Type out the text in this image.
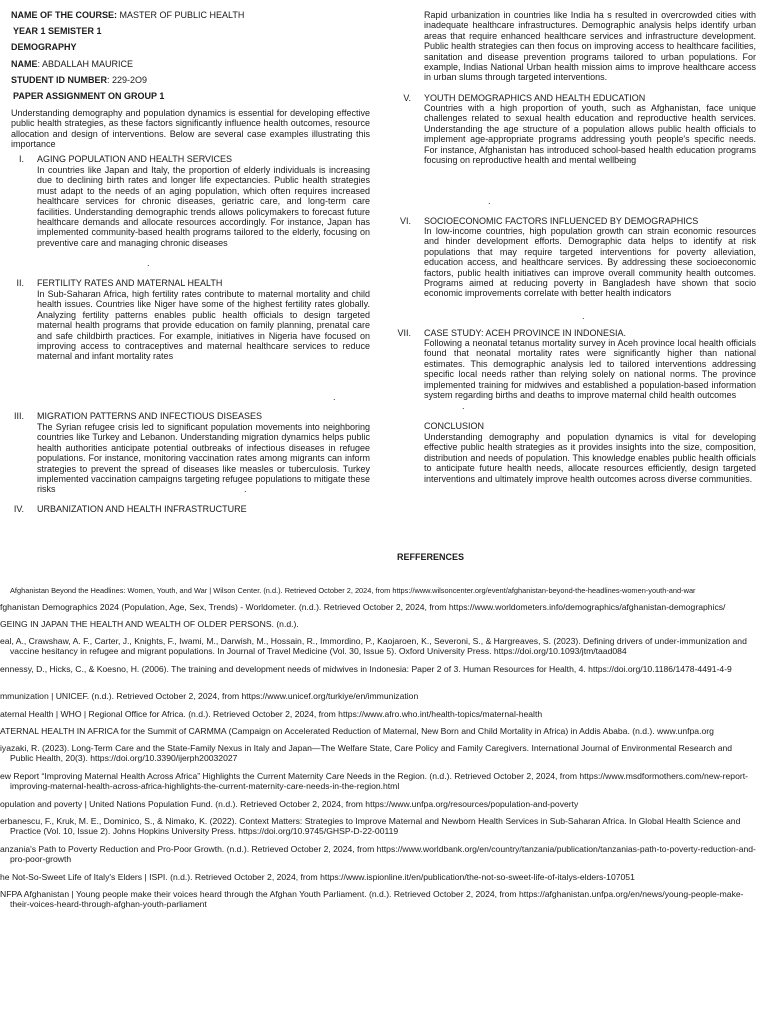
NAME OF THE COURSE: MASTER OF PUBLIC HEALTH
YEAR 1 SEMISTER 1
DEMOGRAPHY
NAME: ABDALLAH MAURICE
STUDENT ID NUMBER: 229-2O9
PAPER ASSIGNMENT ON GROUP 1

Understanding demography and population dynamics is essential for developing effective public health strategies, as these factors significantly influence health outcomes, resource allocation and design of interventions. Below are several case examples illustrating this importance

I. AGING POPULATION AND HEALTH SERVICES

In countries like Japan and Italy, the proportion of elderly individuals is increasing due to declining birth rates and longer life expectancies. Public health strategies must adapt to the needs of an aging population, which often requires increased healthcare services for chronic diseases, geriatric care, and long-term care facilities. Understanding demographic trends allows policymakers to forecast future healthcare demands and allocate resources accordingly. For instance, Japan has implemented community-based health programs tailored to the elderly, focusing on preventive care and managing chronic diseases

.
II. FERTILITY RATES AND MATERNAL HEALTH

In Sub-Saharan Africa, high fertility rates contribute to maternal mortality and child health issues. Countries like Niger have some of the highest fertility rates globally. Analyzing fertility patterns enables public health officials to design targeted maternal health programs that provide education on family planning, prenatal care and safe childbirth practices. For example, initiatives in Nigeria have focused on improving access to contraceptives and maternal healthcare services to reduce maternal and infant mortality rates

.
III. MIGRATION PATTERNS AND INFECTIOUS DISEASES

The Syrian refugee crisis led to significant population movements into neighboring countries like Turkey and Lebanon. Understanding migration dynamics helps public health authorities anticipate potential outbreaks of infectious diseases in refugee populations. For instance, monitoring vaccination rates among migrants can inform strategies to prevent the spread of diseases like measles or tuberculosis. Turkey implemented vaccination campaigns targeting refugee populations to mitigate these risks	.
IV. URBANIZATION AND HEALTH INFRASTRUCTURE

Rapid urbanization in countries like India ha s resulted in overcrowded cities with inadequate healthcare infrastructures. Demographic analysis helps identify urban areas that require enhanced healthcare services and infrastructure development. Public health strategies can then focus on improving access to healthcare facilities, sanitation and disease prevention programs tailored to urban populations. For example, Indias National Urban health mission aims to improve healthcare access in urban slums through targeted interventions.

V. YOUTH DEMOGRAPHICS AND HEALTH EDUCATION

Countries with a high proportion of youth, such as Afghanistan, face unique challenges related to sexual health education and reproductive health services. Understanding the age structure of a population allows public health officials to implement age-appropriate programs addressing youth people's specific needs. For instance, Afghanistan has introduced school-based health education programs focusing on reproductive health and mental wellbeing

.
VI. SOCIOECONOMIC FACTORS INFLUENCED BY DEMOGRAPHICS

In low-income countries, high population growth can strain economic resources and hinder development efforts. Demographic data helps to identify at risk populations that may require targeted interventions for poverty alleviation, education access, and healthcare services. By addressing these socioeconomic factors, public health initiatives can improve overall community health outcomes. Programs aimed at reducing poverty in Bangladesh have shown that socio economic improvements correlate with better health indicators

.
VII. CASE STUDY: ACEH PROVINCE IN INDONESIA.

Following a neonatal tetanus mortality survey in Aceh province local health officials found that neonatal mortality rates were significantly higher than national estimates. This demographic analysis led to tailored interventions addressing specific local needs rather than relying solely on national norms. The province implemented training for midwives and established a population-based information system regarding births and deaths to improve maternal child health outcomes

.
CONCLUSION

Understanding demography and population dynamics is vital for developing effective public health strategies as it provides insights into the size, composition, distribution and needs of population. This knowledge enables public health officials to anticipate future health needs, allocate resources efficiently, design targeted interventions and ultimately improve health outcomes across diverse communities.

REFFERENCES
Afghanistan Beyond the Headlines: Women, Youth, and War | Wilson Center. (n.d.). Retrieved October 2, 2024, from https://www.wilsoncenter.org/event/afghanistan-beyond-the-headlines-women-youth-and-war
fghanistan Demographics 2024 (Population, Age, Sex, Trends) - Worldometer. (n.d.). Retrieved October 2, 2024, from https://www.worldometers.info/demographics/afghanistan-demographics/
GEING IN JAPAN THE HEALTH AND WEALTH OF OLDER PERSONS. (n.d.).
eal, A., Crawshaw, A. F., Carter, J., Knights, F., Iwami, M., Darwish, M., Hossain, R., Immordino, P., Kaojaroen, K., Severoni, S., & Hargreaves, S. (2023). Defining drivers of under-immunization and vaccine hesitancy in refugee and migrant populations. In Journal of Travel Medicine (Vol. 30, Issue 5). Oxford University Press. https://doi.org/10.1093/jtm/taad084
ennessy, D., Hicks, C., & Koesno, H. (2006). The training and development needs of midwives in Indonesia: Paper 2 of 3. Human Resources for Health, 4. https://doi.org/10.1186/1478-4491-4-9
mmunization | UNICEF. (n.d.). Retrieved October 2, 2024, from https://www.unicef.org/turkiye/en/immunization
aternal Health | WHO | Regional Office for Africa. (n.d.). Retrieved October 2, 2024, from https://www.afro.who.int/health-topics/maternal-health
ATERNAL HEALTH IN AFRICA for the Summit of CARMMA (Campaign on Accelerated Reduction of Maternal, New Born and Child Mortality in Africa) in Addis Ababa. (n.d.). www.unfpa.org
iyazaki, R. (2023). Long-Term Care and the State-Family Nexus in Italy and Japan—The Welfare State, Care Policy and Family Caregivers. International Journal of Environmental Research and Public Health, 20(3). https://doi.org/10.3390/ijerph20032027
ew Report “Improving Maternal Health Across Africa” Highlights the Current Maternity Care Needs in the Region. (n.d.). Retrieved October 2, 2024, from https://www.msdformothers.com/new-report-improving-maternal-health-across-africa-highlights-the-current-maternity-care-needs-in-the-region.html
opulation and poverty | United Nations Population Fund. (n.d.). Retrieved October 2, 2024, from https://www.unfpa.org/resources/population-and-poverty
erbanescu, F., Kruk, M. E., Dominico, S., & Nimako, K. (2022). Context Matters: Strategies to Improve Maternal and Newborn Health Services in Sub-Saharan Africa. In Global Health Science and Practice (Vol. 10, Issue 2). Johns Hopkins University Press. https://doi.org/10.9745/GHSP-D-22-00119
anzania's Path to Poverty Reduction and Pro-Poor Growth. (n.d.). Retrieved October 2, 2024, from https://www.worldbank.org/en/country/tanzania/publication/tanzanias-path-to-poverty-reduction-and-pro-poor-growth
he Not-So-Sweet Life of Italy's Elders | ISPI. (n.d.). Retrieved October 2, 2024, from https://www.ispionline.it/en/publication/the-not-so-sweet-life-of-italys-elders-107051
NFPA Afghanistan | Young people make their voices heard through the Afghan Youth Parliament. (n.d.). Retrieved October 2, 2024, from https://afghanistan.unfpa.org/en/news/young-people-make-their-voices-heard-through-afghan-youth-parliament
